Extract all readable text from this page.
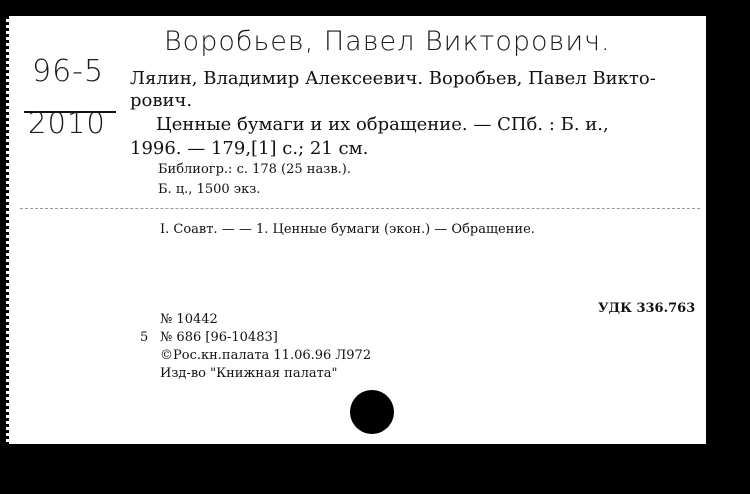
Воробьев, Павел Викторович.
96-5
2010
Лялин, Владимир Алексеевич. Воробьев, Павел Викто-
рович.
Ценные бумаги и их обращение. — СПб. : Б. и.,
1996. — 179,[1] с.; 21 см.
Библиогр.: с. 178 (25 назв.).
Б. ц., 1500 экз.
I. Соавт. — — 1. Ценные бумаги (экон.) — Обращение.
УДК 336.763
№ 10442
5 № 686 [96-10483]
©Рос.кн.палата 11.06.96 Л972
Изд-во "Книжная палата"
